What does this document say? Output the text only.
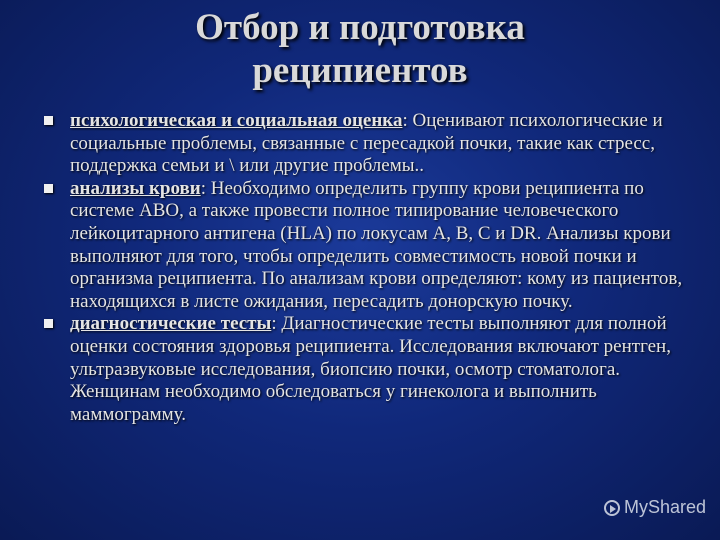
Отбор и подготовка
реципиентов
психологическая и социальная оценка: Оценивают психологические и социальные проблемы, связанные с пересадкой почки, такие как стресс, поддержка семьи и \ или другие проблемы..
анализы крови: Необходимо определить группу крови реципиента по системе ABO, а также провести полное типирование человеческого лейкоцитарного антигена (HLA) по локусам A, B, C и DR. Анализы крови выполняют для того, чтобы определить совместимость новой почки и организма реципиента. По анализам крови определяют: кому из пациентов, находящихся в листе ожидания, пересадить донорскую почку.
диагностические тесты: Диагностические тесты выполняют для полной оценки состояния здоровья реципиента. Исследования включают рентген, ультразвуковые исследования, биопсию почки, осмотр стоматолога. Женщинам необходимо обследоваться у гинеколога и выполнить маммограмму.
MyShared
